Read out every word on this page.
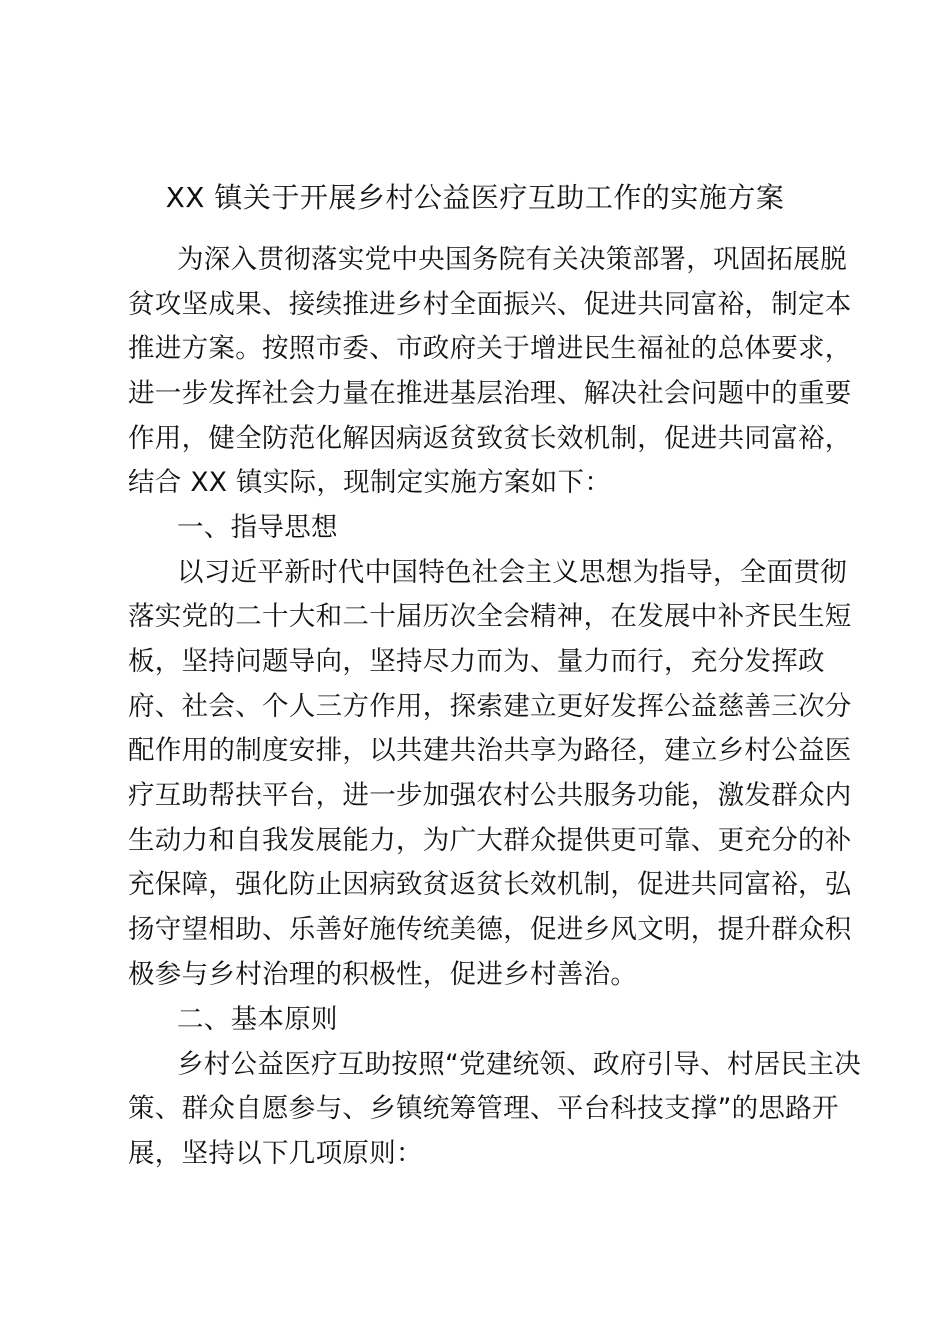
XX 镇关于开展乡村公益医疗互助工作的实施方案
为深入贯彻落实党中央国务院有关决策部署，巩固拓展脱
贫攻坚成果、接续推进乡村全面振兴、促进共同富裕，制定本
推进方案。按照市委、市政府关于增进民生福祉的总体要求，
进一步发挥社会力量在推进基层治理、解决社会问题中的重要
作用，健全防范化解因病返贫致贫长效机制，促进共同富裕，
结合 XX 镇实际，现制定实施方案如下：
一、指导思想
以习近平新时代中国特色社会主义思想为指导，全面贯彻
落实党的二十大和二十届历次全会精神，在发展中补齐民生短
板，坚持问题导向，坚持尽力而为、量力而行，充分发挥政
府、社会、个人三方作用，探索建立更好发挥公益慈善三次分
配作用的制度安排，以共建共治共享为路径，建立乡村公益医
疗互助帮扶平台，进一步加强农村公共服务功能，激发群众内
生动力和自我发展能力，为广大群众提供更可靠、更充分的补
充保障，强化防止因病致贫返贫长效机制，促进共同富裕，弘
扬守望相助、乐善好施传统美德，促进乡风文明，提升群众积
极参与乡村治理的积极性，促进乡村善治。
二、基本原则
乡村公益医疗互助按照“党建统领、政府引导、村居民主决
策、群众自愿参与、乡镇统筹管理、平台科技支撑”的思路开
展，坚持以下几项原则：
